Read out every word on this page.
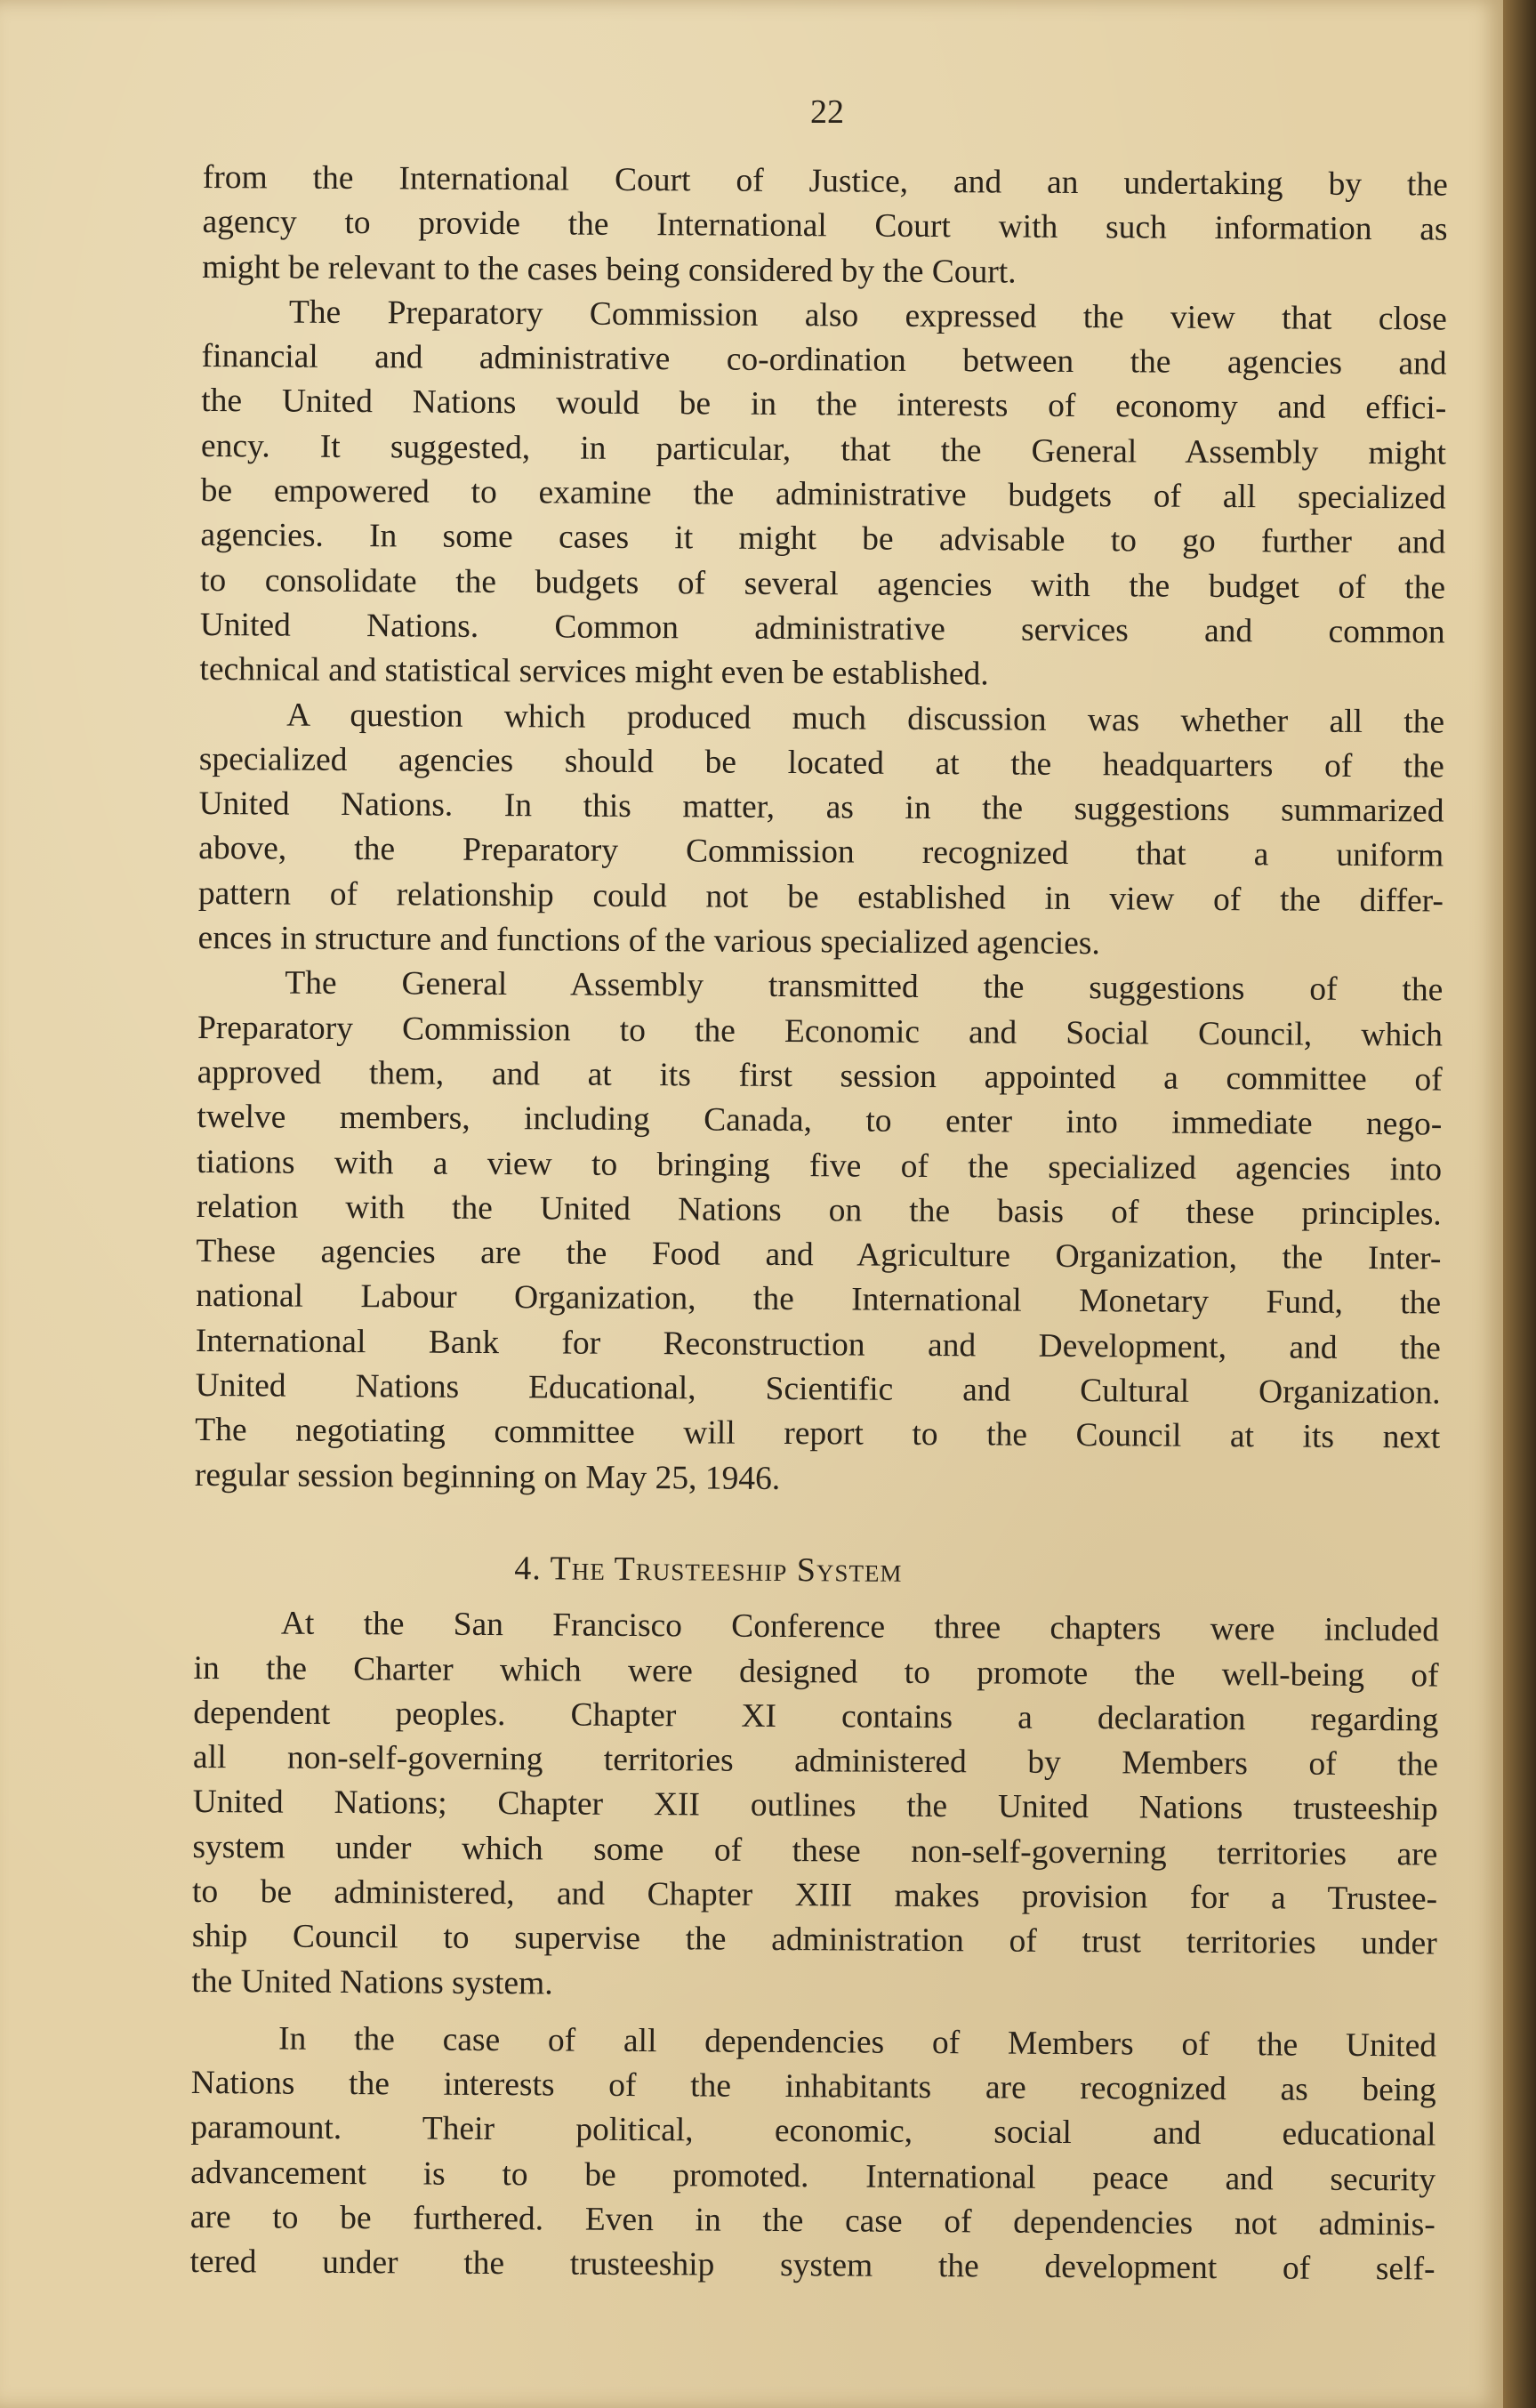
22
from the International Court of Justice, and an undertaking by the
agency to provide the International Court with such information as
might be relevant to the cases being considered by the Court.
The Preparatory Commission also expressed the view that close
financial and administrative co-ordination between the agencies and
the United Nations would be in the interests of economy and effici-
ency. It suggested, in particular, that the General Assembly might
be empowered to examine the administrative budgets of all specialized
agencies. In some cases it might be advisable to go further and
to consolidate the budgets of several agencies with the budget of the
United Nations. Common administrative services and common
technical and statistical services might even be established.
A question which produced much discussion was whether all the
specialized agencies should be located at the headquarters of the
United Nations. In this matter, as in the suggestions summarized
above, the Preparatory Commission recognized that a uniform
pattern of relationship could not be established in view of the differ-
ences in structure and functions of the various specialized agencies.
The General Assembly transmitted the suggestions of the
Preparatory Commission to the Economic and Social Council, which
approved them, and at its first session appointed a committee of
twelve members, including Canada, to enter into immediate nego-
tiations with a view to bringing five of the specialized agencies into
relation with the United Nations on the basis of these principles.
These agencies are the Food and Agriculture Organization, the Inter-
national Labour Organization, the International Monetary Fund, the
International Bank for Reconstruction and Development, and the
United Nations Educational, Scientific and Cultural Organization.
The negotiating committee will report to the Council at its next
regular session beginning on May 25, 1946.
4. The Trusteeship System
At the San Francisco Conference three chapters were included
in the Charter which were designed to promote the well-being of
dependent peoples. Chapter XI contains a declaration regarding
all non-self-governing territories administered by Members of the
United Nations; Chapter XII outlines the United Nations trusteeship
system under which some of these non-self-governing territories are
to be administered, and Chapter XIII makes provision for a Trustee-
ship Council to supervise the administration of trust territories under
the United Nations system.
In the case of all dependencies of Members of the United
Nations the interests of the inhabitants are recognized as being
paramount. Their political, economic, social and educational
advancement is to be promoted. International peace and security
are to be furthered. Even in the case of dependencies not adminis-
tered under the trusteeship system the development of self-
